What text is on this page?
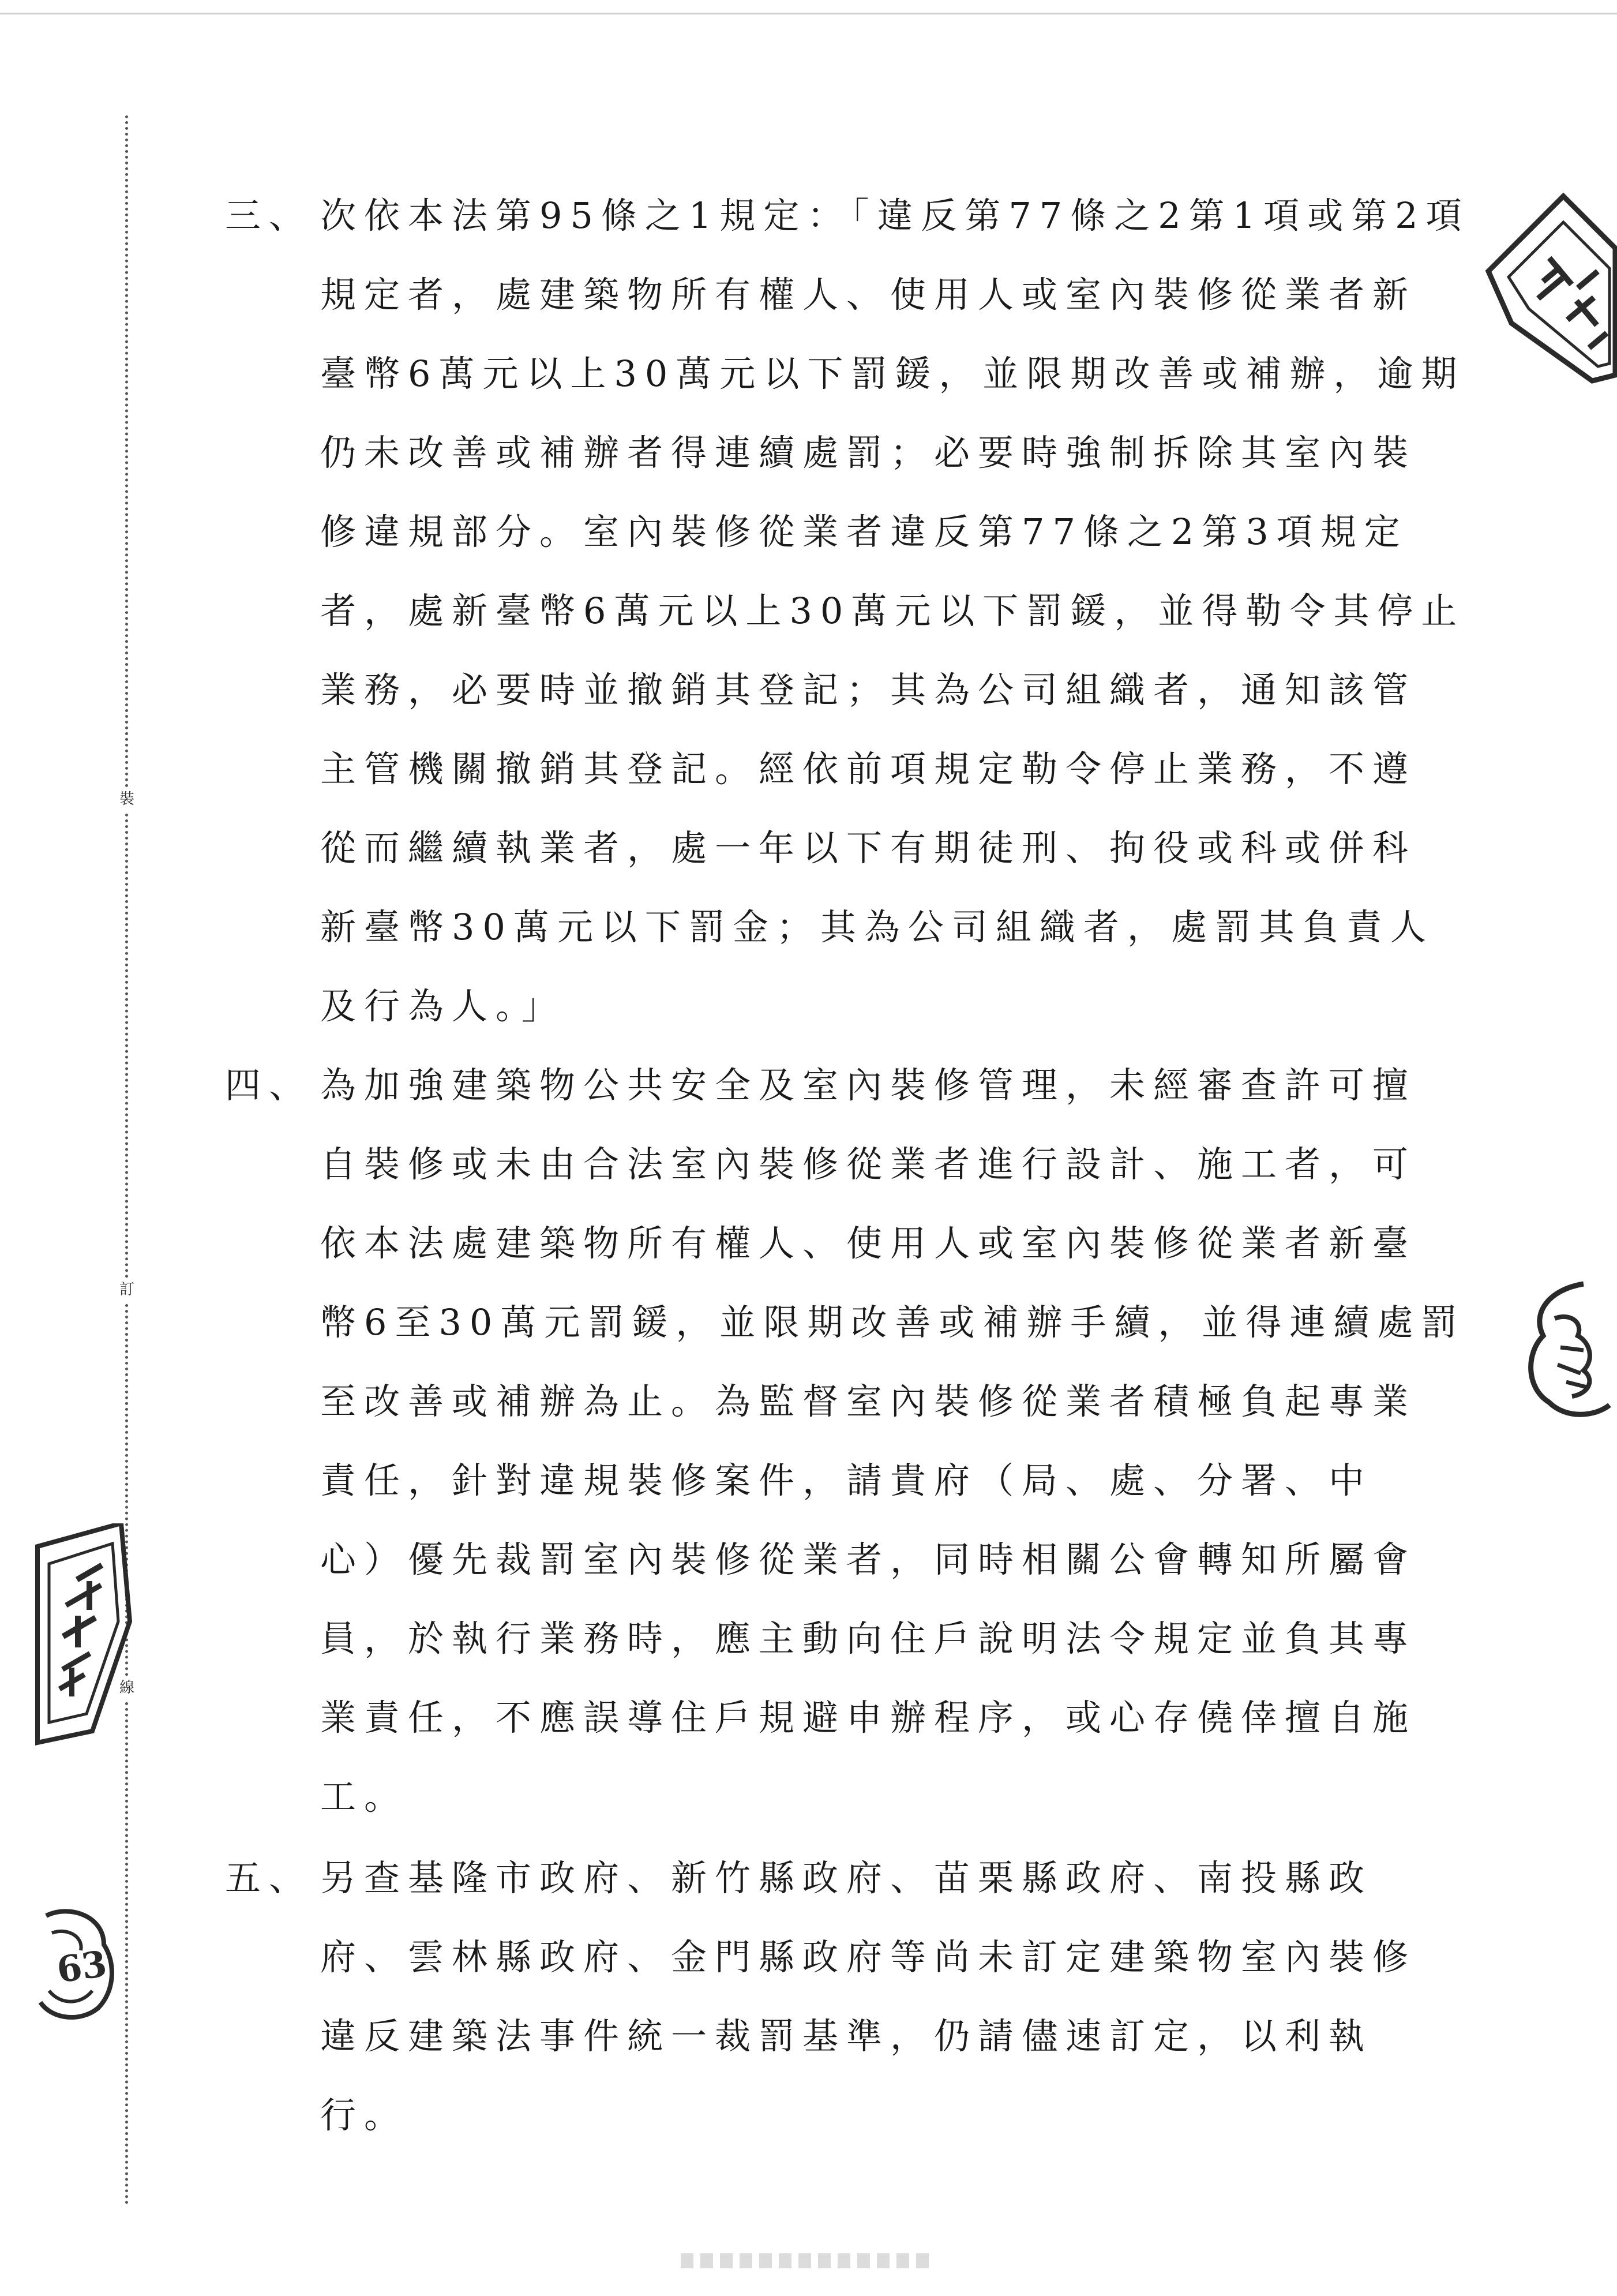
裝
訂
線
三、 次依本法第95條之1規定：「違反第77條之2第1項或第2項
規定者，處建築物所有權人、使用人或室內裝修從業者新
臺幣6萬元以上30萬元以下罰鍰，並限期改善或補辦，逾期
仍未改善或補辦者得連續處罰；必要時強制拆除其室內裝
修違規部分。室內裝修從業者違反第77條之2第3項規定
者，處新臺幣6萬元以上30萬元以下罰鍰，並得勒令其停止
業務，必要時並撤銷其登記；其為公司組織者，通知該管
主管機關撤銷其登記。經依前項規定勒令停止業務，不遵
從而繼續執業者，處一年以下有期徒刑、拘役或科或併科
新臺幣30萬元以下罰金；其為公司組織者，處罰其負責人
及行為人。」
四、 為加強建築物公共安全及室內裝修管理，未經審查許可擅
自裝修或未由合法室內裝修從業者進行設計、施工者，可
依本法處建築物所有權人、使用人或室內裝修從業者新臺
幣6至30萬元罰鍰，並限期改善或補辦手續，並得連續處罰
至改善或補辦為止。為監督室內裝修從業者積極負起專業
責任，針對違規裝修案件，請貴府（局、處、分署、中
心）優先裁罰室內裝修從業者，同時相關公會轉知所屬會
員，於執行業務時，應主動向住戶說明法令規定並負其專
業責任，不應誤導住戶規避申辦程序，或心存僥倖擅自施
工。
五、 另查基隆市政府、新竹縣政府、苗栗縣政府、南投縣政
府、雲林縣政府、金門縣政府等尚未訂定建築物室內裝修
違反建築法事件統一裁罰基準，仍請儘速訂定，以利執
行。
63
